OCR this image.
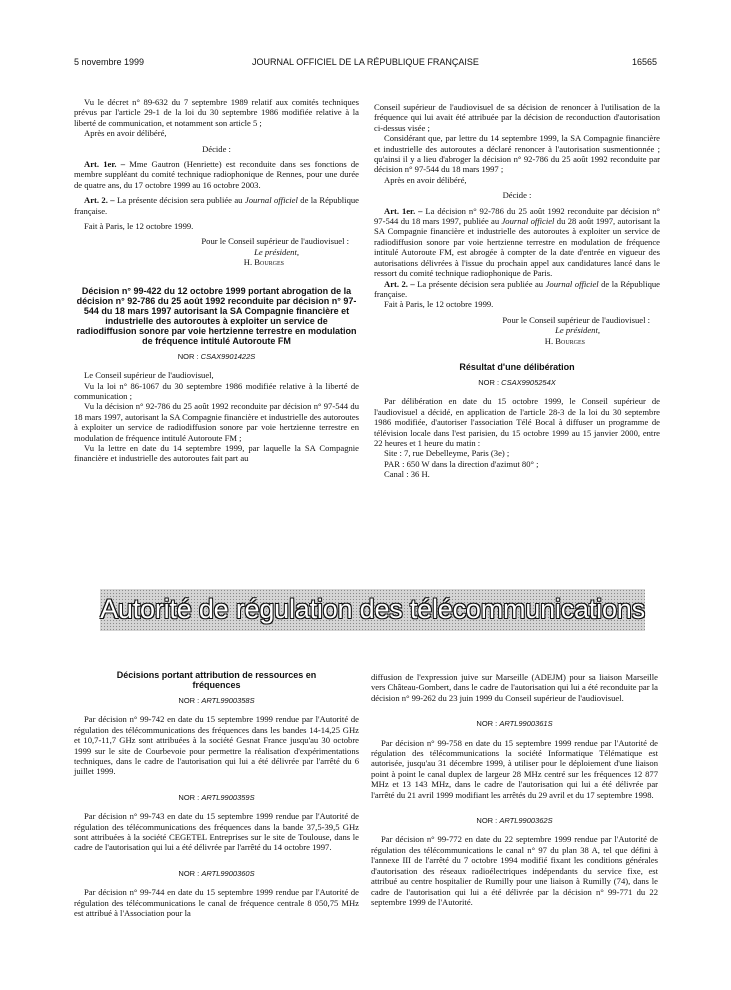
5 novembre 1999	JOURNAL OFFICIEL DE LA RÉPUBLIQUE FRANÇAISE	16565

Vu le décret n° 89-632 du 7 septembre 1989 relatif aux comités techniques prévus par l'article 29-1 de la loi du 30 septembre 1986 modifiée relative à la liberté de communication, et notamment son article 5 ;

Après en avoir délibéré,

Décide :

Art. 1er. – Mme Gautron (Henriette) est reconduite dans ses fonctions de membre suppléant du comité technique radiophonique de Rennes, pour une durée de quatre ans, du 17 octobre 1999 au 16 octobre 2003.

Art. 2. – La présente décision sera publiée au Journal officiel de la République française.

Fait à Paris, le 12 octobre 1999.

Pour le Conseil supérieur de l'audiovisuel :

Le président,

H. Bourges

Décision n° 99-422 du 12 octobre 1999 portant abrogation de la décision n° 92-786 du 25 août 1992 reconduite par décision n° 97-544 du 18 mars 1997 autorisant la SA Compagnie financière et industrielle des autoroutes à exploiter un service de radiodiffusion sonore par voie hertzienne terrestre en modulation de fréquence intitulé Autoroute FM
NOR : CSAX9901422S

Le Conseil supérieur de l'audiovisuel,

Vu la loi n° 86-1067 du 30 septembre 1986 modifiée relative à la liberté de communication ;

Vu la décision n° 92-786 du 25 août 1992 reconduite par décision n° 97-544 du 18 mars 1997, autorisant la SA Compagnie financière et industrielle des autoroutes à exploiter un service de radiodiffusion sonore par voie hertzienne terrestre en modulation de fréquence intitulé Autoroute FM ;

Vu la lettre en date du 14 septembre 1999, par laquelle la SA Compagnie financière et industrielle des autoroutes fait part au

Conseil supérieur de l'audiovisuel de sa décision de renoncer à l'utilisation de la fréquence qui lui avait été attribuée par la décision de reconduction d'autorisation ci-dessus visée ;

Considérant que, par lettre du 14 septembre 1999, la SA Compagnie financière et industrielle des autoroutes a déclaré renoncer à l'autorisation susmentionnée ; qu'ainsi il y a lieu d'abroger la décision n° 92-786 du 25 août 1992 reconduite par décision n° 97-544 du 18 mars 1997 ;

Après en avoir délibéré,

Décide :

Art. 1er. – La décision n° 92-786 du 25 août 1992 reconduite par décision n° 97-544 du 18 mars 1997, publiée au Journal officiel du 28 août 1997, autorisant la SA Compagnie financière et industrielle des autoroutes à exploiter un service de radiodiffusion sonore par voie hertzienne terrestre en modulation de fréquence intitulé Autoroute FM, est abrogée à compter de la date d'entrée en vigueur des autorisations délivrées à l'issue du prochain appel aux candidatures lancé dans le ressort du comité technique radiophonique de Paris.

Art. 2. – La présente décision sera publiée au Journal officiel de la République française.

Fait à Paris, le 12 octobre 1999.

Pour le Conseil supérieur de l'audiovisuel :

Le président,

H. Bourges

Résultat d'une délibération
NOR : CSAX9905254X

Par délibération en date du 15 octobre 1999, le Conseil supérieur de l'audiovisuel a décidé, en application de l'article 28-3 de la loi du 30 septembre 1986 modifiée, d'autoriser l'association Télé Bocal à diffuser un programme de télévision locale dans l'est parisien, du 15 octobre 1999 au 15 janvier 2000, entre 22 heures et 1 heure du matin :

Site : 7, rue Debelleyme, Paris (3e) ;

PAR : 650 W dans la direction d'azimut 80° ;

Canal : 36 H.

Autorité de régulation des télécommunications
Décisions portant attribution de ressources en fréquences
NOR : ARTL9900358S

Par décision n° 99-742 en date du 15 septembre 1999 rendue par l'Autorité de régulation des télécommunications des fréquences dans les bandes 14-14,25 GHz et 10,7-11,7 GHz sont attribuées à la société Gesnat France jusqu'au 30 octobre 1999 sur le site de Courbevoie pour permettre la réalisation d'expérimentations techniques, dans le cadre de l'autorisation qui lui a été délivrée par l'arrêté du 6 juillet 1999.

NOR : ARTL9900359S

Par décision n° 99-743 en date du 15 septembre 1999 rendue par l'Autorité de régulation des télécommunications des fréquences dans la bande 37,5-39,5 GHz sont attribuées à la société CEGETEL Entreprises sur le site de Toulouse, dans le cadre de l'autorisation qui lui a été délivrée par l'arrêté du 14 octobre 1997.

NOR : ARTL9900360S

Par décision n° 99-744 en date du 15 septembre 1999 rendue par l'Autorité de régulation des télécommunications le canal de fréquence centrale 8 050,75 MHz est attribué à l'Association pour la

diffusion de l'expression juive sur Marseille (ADEJM) pour sa liaison Marseille vers Château-Gombert, dans le cadre de l'autorisation qui lui a été reconduite par la décision n° 99-262 du 23 juin 1999 du Conseil supérieur de l'audiovisuel.

NOR : ARTL9900361S

Par décision n° 99-758 en date du 15 septembre 1999 rendue par l'Autorité de régulation des télécommunications la société Informatique Télématique est autorisée, jusqu'au 31 décembre 1999, à utiliser pour le déploiement d'une liaison point à point le canal duplex de largeur 28 MHz centré sur les fréquences 12 877 MHz et 13 143 MHz, dans le cadre de l'autorisation qui lui a été délivrée par l'arrêté du 21 avril 1999 modifiant les arrêtés du 29 avril et du 17 septembre 1998.

NOR : ARTL9900362S

Par décision n° 99-772 en date du 22 septembre 1999 rendue par l'Autorité de régulation des télécommunications le canal n° 97 du plan 38 A, tel que défini à l'annexe III de l'arrêté du 7 octobre 1994 modifié fixant les conditions générales d'autorisation des réseaux radioélectriques indépendants du service fixe, est attribué au centre hospitalier de Rumilly pour une liaison à Rumilly (74), dans le cadre de l'autorisation qui lui a été délivrée par la décision n° 99-771 du 22 septembre 1999 de l'Autorité.
